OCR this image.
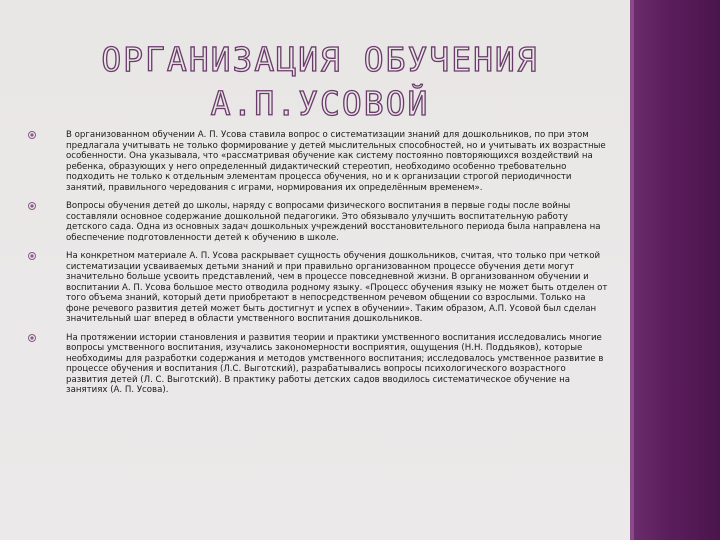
ОРГАНИЗАЦИЯ ОБУЧЕНИЯ
А.П.УСОВОЙ
В организованном обучении А. П. Усова ставила вопрос о систематизации знаний для дошкольников, по при этом предлагала учитывать не только формирование у детей мыслительных способностей, но и учитывать их возрастные особенности. Она указывала, что «рассматривая обучение как систему постоянно повторяющихся воздействий на ребенка, образующих у него определенный дидактический стереотип, необходимо особенно требовательно подходить не только к отдельным элементам процесса обучения, но и к организации строгой периодичности занятий, правильного чередования с играми, нормирования их определённым временем».
Вопросы обучения детей до школы, наряду с вопросами физического воспитания в первые годы после войны составляли основное содержание дошкольной педагогики. Это обязывало улучшить воспитательную работу детского сада. Одна из основных задач дошкольных учреждений восстановительного периода была направлена на обеспечение подготовленности детей к обучению в школе.
На конкретном материале А. П. Усова раскрывает сущность обучения дошкольников, считая, что только при четкой систематизации усваиваемых детьми знаний и при правильно организованном процессе обучения дети могут значительно больше усвоить представлений, чем в процессе повседневной жизни. В организованном обучении и воспитании А. П. Усова большое место отводила родному языку. «Процесс обучения языку не может быть отделен от того объема знаний, который дети приобретают в непосредственном речевом общении со взрослыми. Только на фоне речевого развития детей может быть достигнут и успех в обучении». Таким образом, А.П. Усовой был сделан значительный шаг вперед в области умственного воспитания дошкольников.
На протяжении истории становления и развития теории и практики умственного воспитания исследовались многие вопросы умственного воспитания, изучались закономерности восприятия, ощущения (Н.Н. Поддьяков), которые необходимы для разработки содержания и методов умственного воспитания; исследовалось умственное развитие в процессе обучения и воспитания (Л.С. Выготский), разрабатывались вопросы психологического возрастного развития детей (Л. С. Выготский). В практику работы детских садов вводилось систематическое обучение на занятиях (А. П. Усова).
